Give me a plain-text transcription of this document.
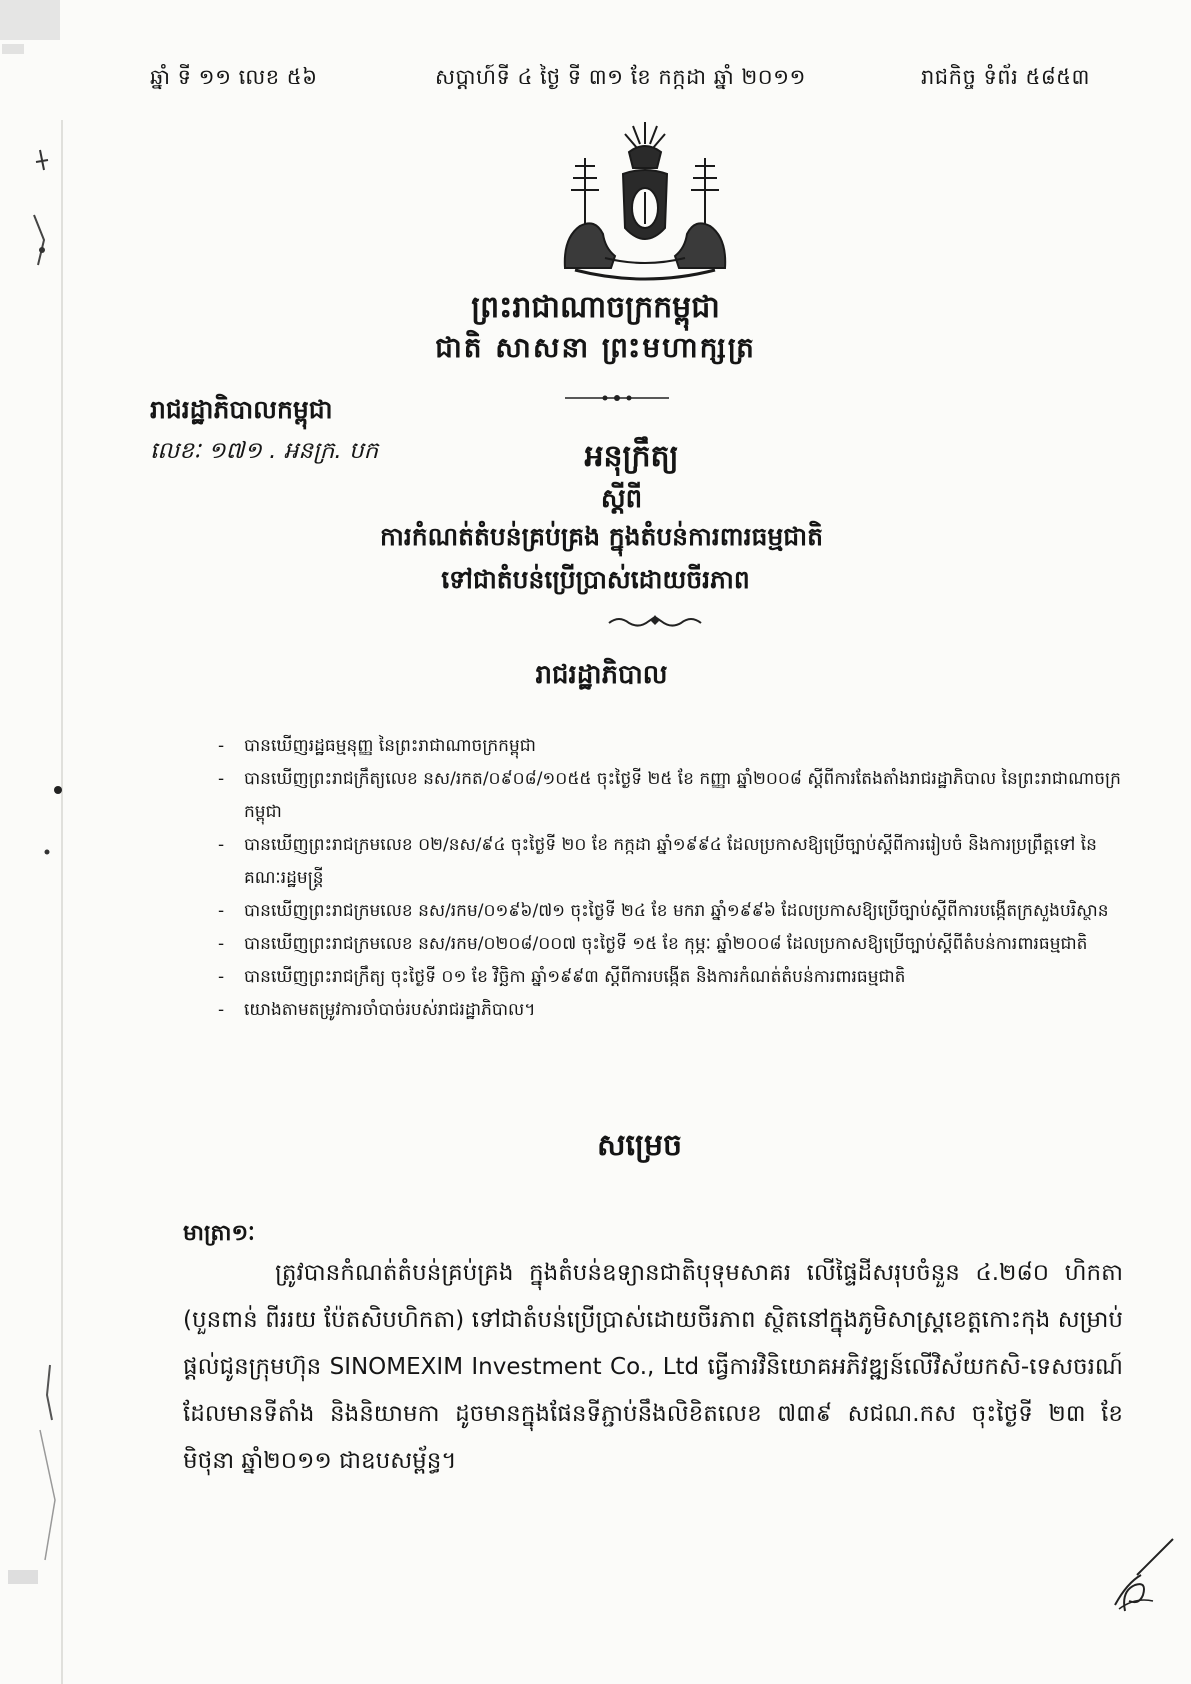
ឆ្នាំ ទី ១១ លេខ ៥៦	សប្ដាហ៍ទី ៤ ថ្ងៃ ទី ៣១ ខែ កក្កដា ឆ្នាំ ២០១១	រាជកិច្ច ទំព័រ ៥៨៥៣
ព្រះរាជាណាចក្រកម្ពុជា
ជាតិ សាសនា ព្រះមហាក្សត្រ
រាជរដ្ឋាភិបាលកម្ពុជា
លេខៈ ១៧១ . អនក្រ. បក	អនុក្រឹត្យ
ស្ដីពី
ការកំណត់តំបន់គ្រប់គ្រង ក្នុងតំបន់ការពារធម្មជាតិ
ទៅជាតំបន់ប្រើប្រាស់ដោយចីរភាព
រាជរដ្ឋាភិបាល
- បានឃើញរដ្ឋធម្មនុញ្ញ នៃព្រះរាជាណាចក្រកម្ពុជា
- បានឃើញព្រះរាជក្រឹត្យលេខ នស/រកត/០៩០៨/១០៥៥ ចុះថ្ងៃទី ២៥ ខែ កញ្ញា ឆ្នាំ២០០៨ ស្ដីពីការតែងតាំងរាជរដ្ឋាភិបាល នៃព្រះរាជាណាចក្រកម្ពុជា
- បានឃើញព្រះរាជក្រមលេខ ០២/នស/៩៤ ចុះថ្ងៃទី ២០ ខែ កក្កដា ឆ្នាំ១៩៩៤ ដែលប្រកាសឱ្យប្រើច្បាប់ស្ដីពីការរៀបចំ និងការប្រព្រឹត្តទៅ នៃគណៈរដ្ឋមន្ត្រី
- បានឃើញព្រះរាជក្រមលេខ នស/រកម/០១៩៦/៧១ ចុះថ្ងៃទី ២៤ ខែ មករា ឆ្នាំ១៩៩៦ ដែលប្រកាសឱ្យប្រើច្បាប់ស្ដីពីការបង្កើតក្រសួងបរិស្ថាន
- បានឃើញព្រះរាជក្រមលេខ នស/រកម/០២០៨/០០៧ ចុះថ្ងៃទី ១៥ ខែ កុម្ភៈ ឆ្នាំ២០០៨ ដែលប្រកាសឱ្យប្រើច្បាប់ស្ដីពីតំបន់ការពារធម្មជាតិ
- បានឃើញព្រះរាជក្រឹត្យ ចុះថ្ងៃទី ០១ ខែ វិច្ឆិកា ឆ្នាំ១៩៩៣ ស្ដីពីការបង្កើត និងការកំណត់តំបន់ការពារធម្មជាតិ
- យោងតាមតម្រូវការចាំបាច់របស់រាជរដ្ឋាភិបាល។
សម្រេច
មាត្រា១ៈ
ត្រូវបានកំណត់តំបន់គ្រប់គ្រង ក្នុងតំបន់ឧទ្យានជាតិបុទុមសាគរ លើផ្ទៃដីសរុបចំនួន ៤.២៨០ ហិកតា (បួនពាន់ ពីររយ ប៉ែតសិបហិកតា) ទៅជាតំបន់ប្រើប្រាស់ដោយចីរភាព ស្ថិតនៅក្នុងភូមិសាស្ត្រខេត្តកោះកុង សម្រាប់ផ្ដល់ជូនក្រុមហ៊ុន SINOMEXIM Investment Co., Ltd ធ្វើការវិនិយោគអភិវឌ្ឍន៍លើវិស័យកសិ-ទេសចរណ៍ ដែលមានទីតាំង និងនិយាមកា ដូចមានក្នុងផែនទីភ្ជាប់នឹងលិខិតលេខ ៧៣៩ សជណ.កស ចុះថ្ងៃទី ២៣ ខែ មិថុនា ឆ្នាំ២០១១ ជាឧបសម្ព័ន្ធ។
